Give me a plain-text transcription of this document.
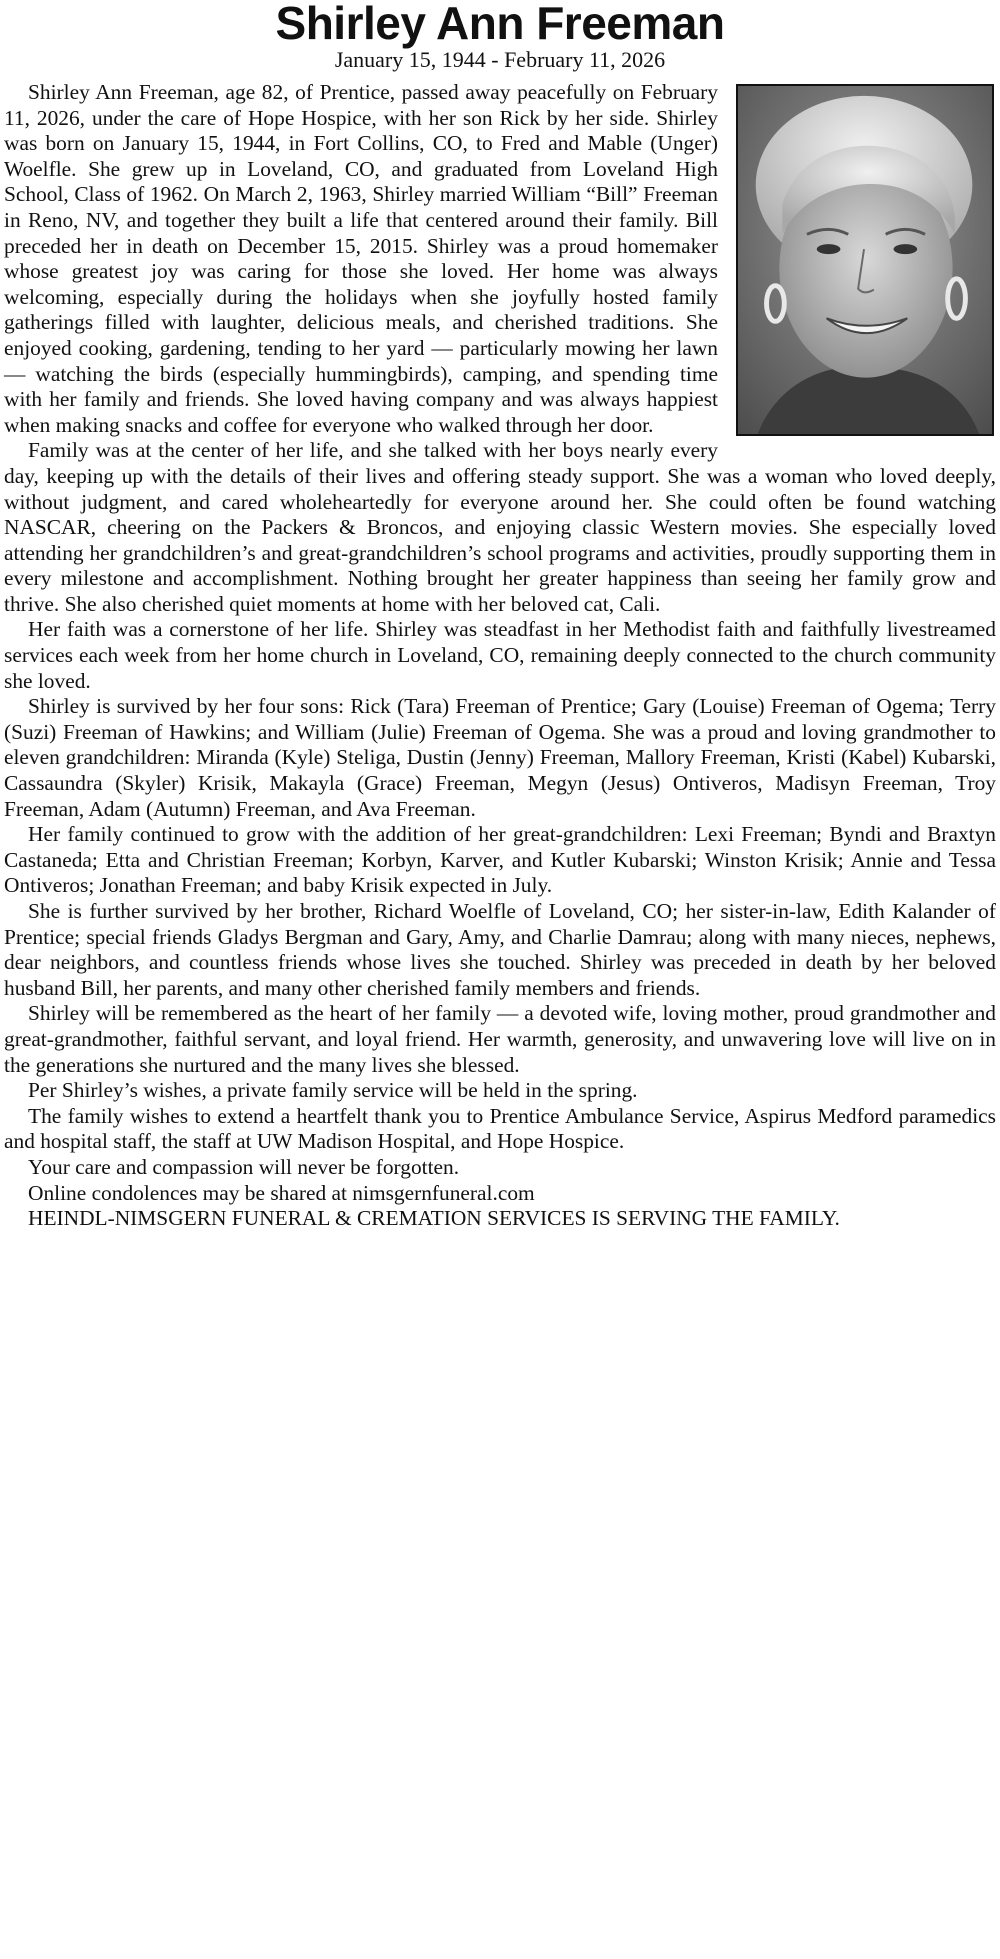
Shirley Ann Freeman
January 15, 1944 - February 11, 2026

Shirley Ann Freeman, age 82, of Prentice, passed away peacefully on February 11, 2026, under the care of Hope Hospice, with her son Rick by her side. Shirley was born on January 15, 1944, in Fort Collins, CO, to Fred and Mable (Unger) Woelfle. She grew up in Loveland, CO, and graduated from Loveland High School, Class of 1962. On March 2, 1963, Shirley married William “Bill” Freeman in Reno, NV, and together they built a life that centered around their family. Bill preceded her in death on December 15, 2015. Shirley was a proud homemaker whose greatest joy was caring for those she loved. Her home was always welcoming, especially during the holidays when she joyfully hosted family gatherings filled with laughter, delicious meals, and cherished traditions. She enjoyed cooking, gardening, tending to her yard — particularly mowing her lawn — watching the birds (especially hummingbirds), camping, and spending time with her family and friends. She loved having company and was always happiest when making snacks and coffee for everyone who walked through her door.

Family was at the center of her life, and she talked with her boys nearly every day, keeping up with the details of their lives and offering steady support. She was a woman who loved deeply, without judgment, and cared wholeheartedly for everyone around her. She could often be found watching NASCAR, cheering on the Packers & Broncos, and enjoying classic Western movies. She especially loved attending her grandchildren’s and great-grandchildren’s school programs and activities, proudly supporting them in every milestone and accomplishment. Nothing brought her greater happiness than seeing her family grow and thrive. She also cherished quiet moments at home with her beloved cat, Cali.

Her faith was a cornerstone of her life. Shirley was steadfast in her Methodist faith and faithfully livestreamed services each week from her home church in Loveland, CO, remaining deeply connected to the church community she loved.

Shirley is survived by her four sons: Rick (Tara) Freeman of Prentice; Gary (Louise) Freeman of Ogema; Terry (Suzi) Freeman of Hawkins; and William (Julie) Freeman of Ogema. She was a proud and loving grandmother to eleven grandchildren: Miranda (Kyle) Steliga, Dustin (Jenny) Freeman, Mallory Freeman, Kristi (Kabel) Kubarski, Cassaundra (Skyler) Krisik, Makayla (Grace) Freeman, Megyn (Jesus) Ontiveros, Madisyn Freeman, Troy Freeman, Adam (Autumn) Freeman, and Ava Freeman.

Her family continued to grow with the addition of her great-grandchildren: Lexi Freeman; Byndi and Braxtyn Castaneda; Etta and Christian Freeman; Korbyn, Karver, and Kutler Kubarski; Winston Krisik; Annie and Tessa Ontiveros; Jonathan Freeman; and baby Krisik expected in July.

She is further survived by her brother, Richard Woelfle of Loveland, CO; her sister-in-law, Edith Kalander of Prentice; special friends Gladys Bergman and Gary, Amy, and Charlie Damrau; along with many nieces, nephews, dear neighbors, and countless friends whose lives she touched. Shirley was preceded in death by her beloved husband Bill, her parents, and many other cherished family members and friends.

Shirley will be remembered as the heart of her family — a devoted wife, loving mother, proud grandmother and great-grandmother, faithful servant, and loyal friend. Her warmth, generosity, and unwavering love will live on in the generations she nurtured and the many lives she blessed.

Per Shirley’s wishes, a private family service will be held in the spring.

The family wishes to extend a heartfelt thank you to Prentice Ambulance Service, Aspirus Medford paramedics and hospital staff, the staff at UW Madison Hospital, and Hope Hospice.

Your care and compassion will never be forgotten.

Online condolences may be shared at nimsgernfuneral.com

HEINDL-NIMSGERN FUNERAL & CREMATION SERVICES IS SERVING THE FAMILY.
